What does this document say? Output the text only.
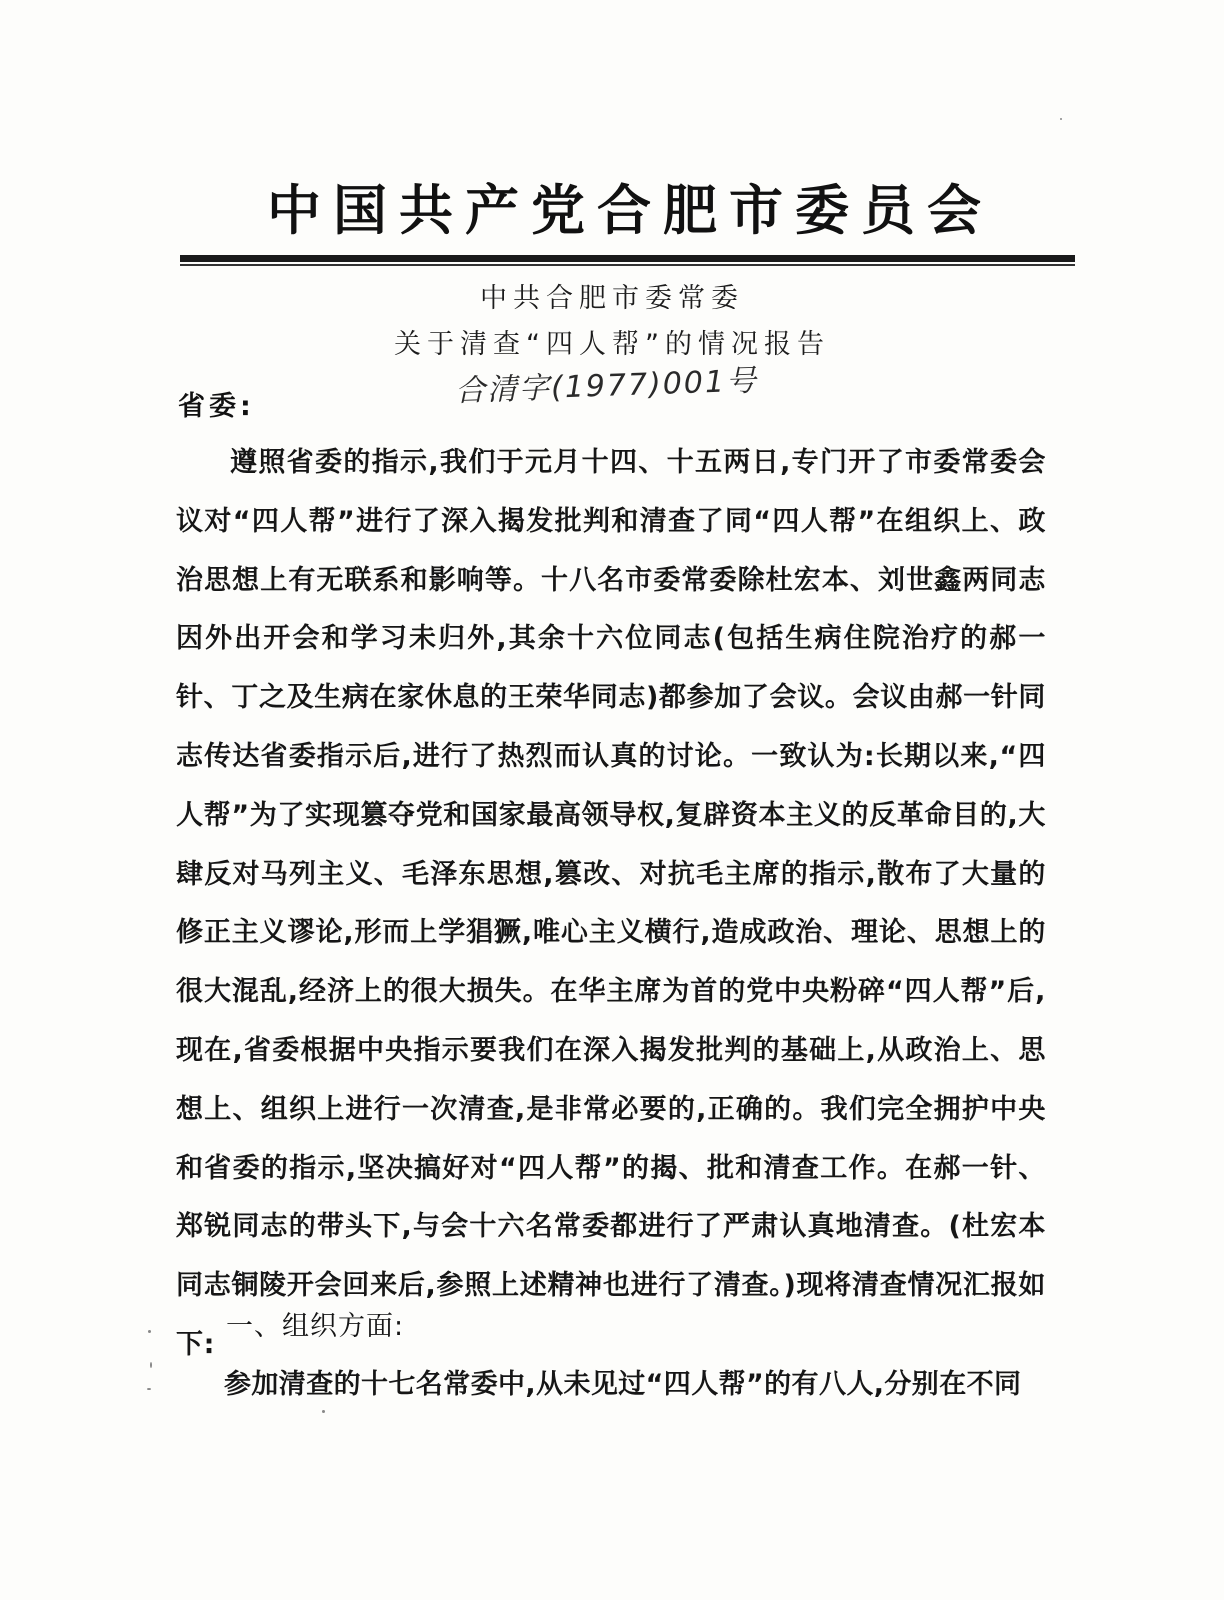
中国共产党合肥市委员会
中共合肥市委常委
关于清查“四人帮”的情况报告
合清字(1977)001号
省委:
遵照省委的指示,我们于元月十四、十五两日,专门开了市委常委会议对“四人帮”进行了深入揭发批判和清查了同“四人帮”在组织上、政治思想上有无联系和影响等。十八名市委常委除杜宏本、刘世鑫两同志因外出开会和学习未归外,其余十六位同志(包括生病住院治疗的郝一针、丁之及生病在家休息的王荣华同志)都参加了会议。会议由郝一针同志传达省委指示后,进行了热烈而认真的讨论。一致认为:长期以来,“四人帮”为了实现篡夺党和国家最高领导权,复辟资本主义的反革命目的,大肆反对马列主义、毛泽东思想,篡改、对抗毛主席的指示,散布了大量的修正主义谬论,形而上学猖獗,唯心主义横行,造成政治、理论、思想上的很大混乱,经济上的很大损失。在华主席为首的党中央粉碎“四人帮”后,现在,省委根据中央指示要我们在深入揭发批判的基础上,从政治上、思想上、组织上进行一次清查,是非常必要的,正确的。我们完全拥护中央和省委的指示,坚决搞好对“四人帮”的揭、批和清查工作。在郝一针、郑锐同志的带头下,与会十六名常委都进行了严肃认真地清查。(杜宏本同志铜陵开会回来后,参照上述精神也进行了清查。)现将清查情况汇报如下:
一、组织方面:
参加清查的十七名常委中,从未见过“四人帮”的有八人,分别在不同
